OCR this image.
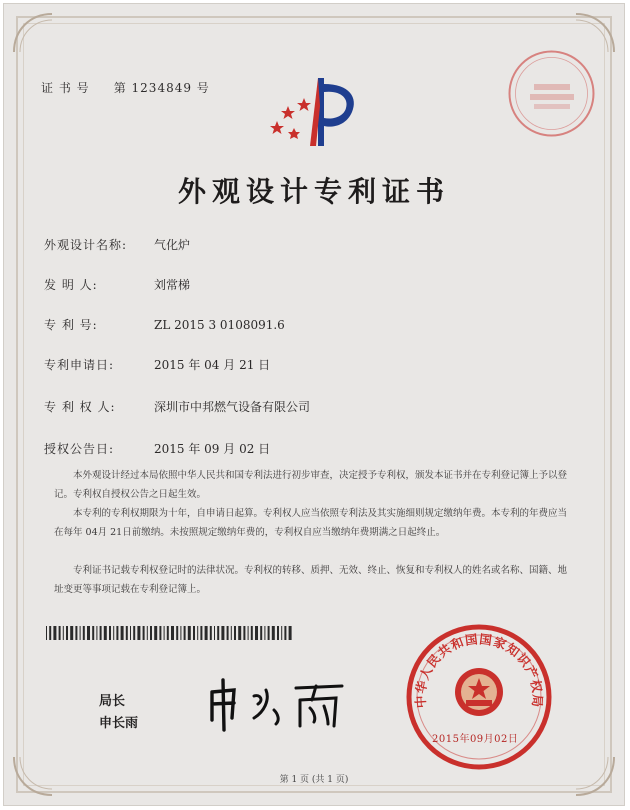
证 书 号 第 1234849 号
外观设计专利证书
外观设计名称: 气化炉
发 明 人:	刘常梯
专 利 号:	ZL 2015 3 0108091.6
专利申请日:	2015 年 04 月 21 日
专 利 权 人:	深圳市中邦燃气设备有限公司
授权公告日:	2015 年 09 月 02 日
本外观设计经过本局依照中华人民共和国专利法进行初步审查，决定授予专利权，颁发本证书并在专利登记簿上予以登记。专利权自授权公告之日起生效。
本专利的专利权期限为十年，自申请日起算。专利权人应当依照专利法及其实施细则规定缴纳年费。本专利的年费应当在每年 04月 21日前缴纳。未按照规定缴纳年费的，专利权自应当缴纳年费期满之日起终止。
专利证书记载专利权登记时的法律状况。专利权的转移、质押、无效、终止、恢复和专利权人的姓名或名称、国籍、地址变更等事项记载在专利登记簿上。
局长
申长雨
中华人民共和国国家知识产权局
2015年09月02日
第 1 页 (共 1 页)
